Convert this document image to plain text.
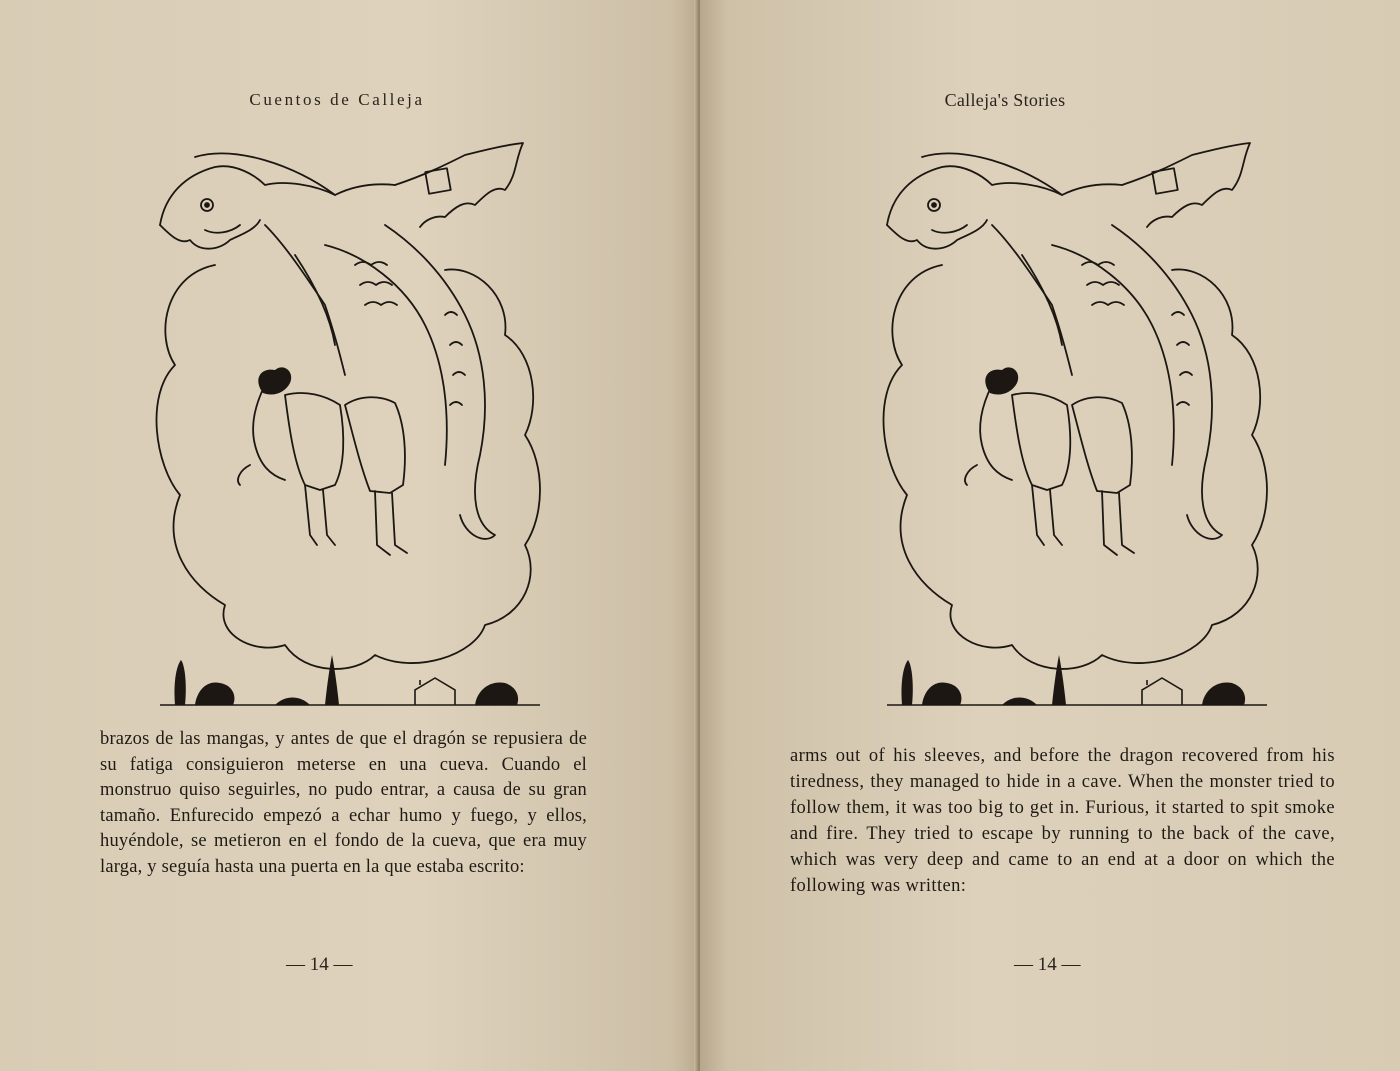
Cuentos de Calleja

brazos de las mangas, y antes de que el dragón se repusiera de su fatiga consiguieron meterse en una cueva. Cuando el monstruo quiso seguirles, no pudo entrar, a causa de su gran tamaño. Enfurecido empezó a echar humo y fuego, y ellos, huyéndole, se metieron en el fondo de la cueva, que era muy larga, y seguía hasta una puerta en la que estaba escrito:

— 14 —
Calleja's Stories

arms out of his sleeves, and before the dragon recovered from his tiredness, they managed to hide in a cave. When the monster tried to follow them, it was too big to get in. Furious, it started to spit smoke and fire. They tried to escape by running to the back of the cave, which was very deep and came to an end at a door on which the following was written:

— 14 —
